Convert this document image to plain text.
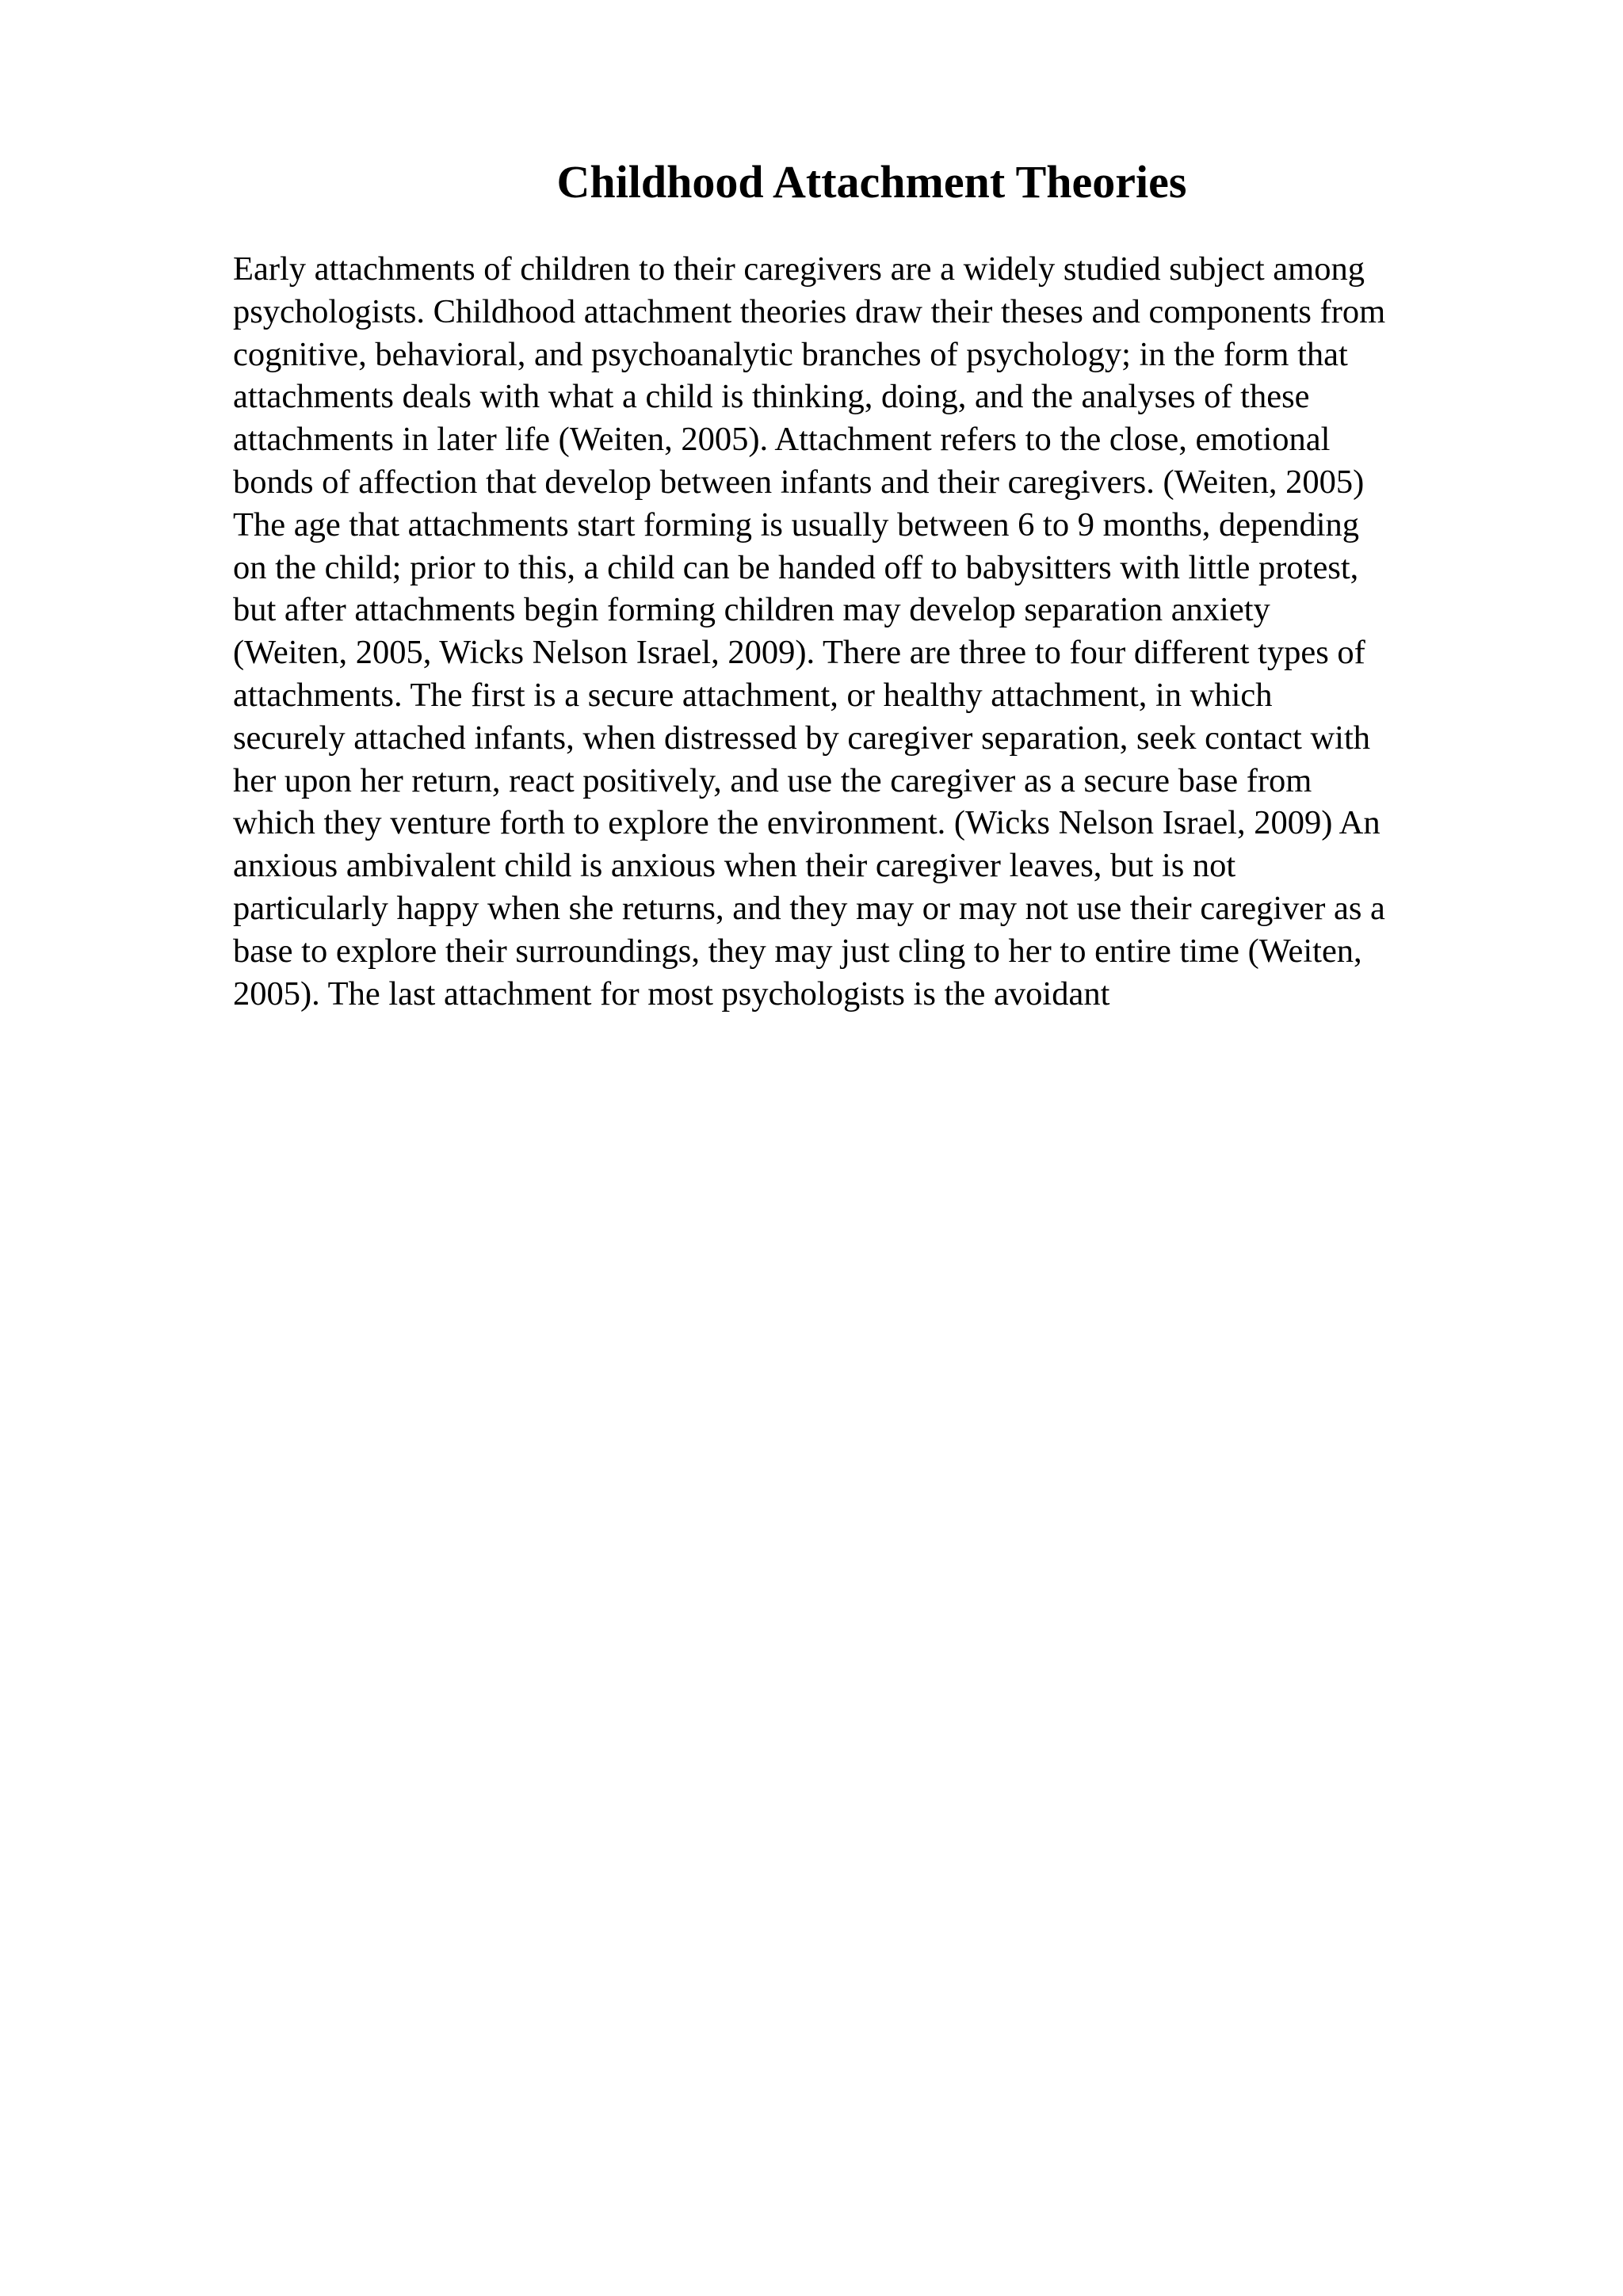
Childhood Attachment Theories
Early attachments of children to their caregivers are a widely studied subject among
psychologists. Childhood attachment theories draw their theses and components from
cognitive, behavioral, and psychoanalytic branches of psychology; in the form that
attachments deals with what a child is thinking, doing, and the analyses of these
attachments in later life (Weiten, 2005). Attachment refers to the close, emotional
bonds of affection that develop between infants and their caregivers. (Weiten, 2005)
The age that attachments start forming is usually between 6 to 9 months, depending
on the child; prior to this, a child can be handed off to babysitters with little protest,
but after attachments begin forming children may develop separation anxiety
(Weiten, 2005, Wicks Nelson Israel, 2009). There are three to four different types of
attachments. The first is a secure attachment, or healthy attachment, in which
securely attached infants, when distressed by caregiver separation, seek contact with
her upon her return, react positively, and use the caregiver as a secure base from
which they venture forth to explore the environment. (Wicks Nelson Israel, 2009) An
anxious ambivalent child is anxious when their caregiver leaves, but is not
particularly happy when she returns, and they may or may not use their caregiver as a
base to explore their surroundings, they may just cling to her to entire time (Weiten,
2005). The last attachment for most psychologists is the avoidant
